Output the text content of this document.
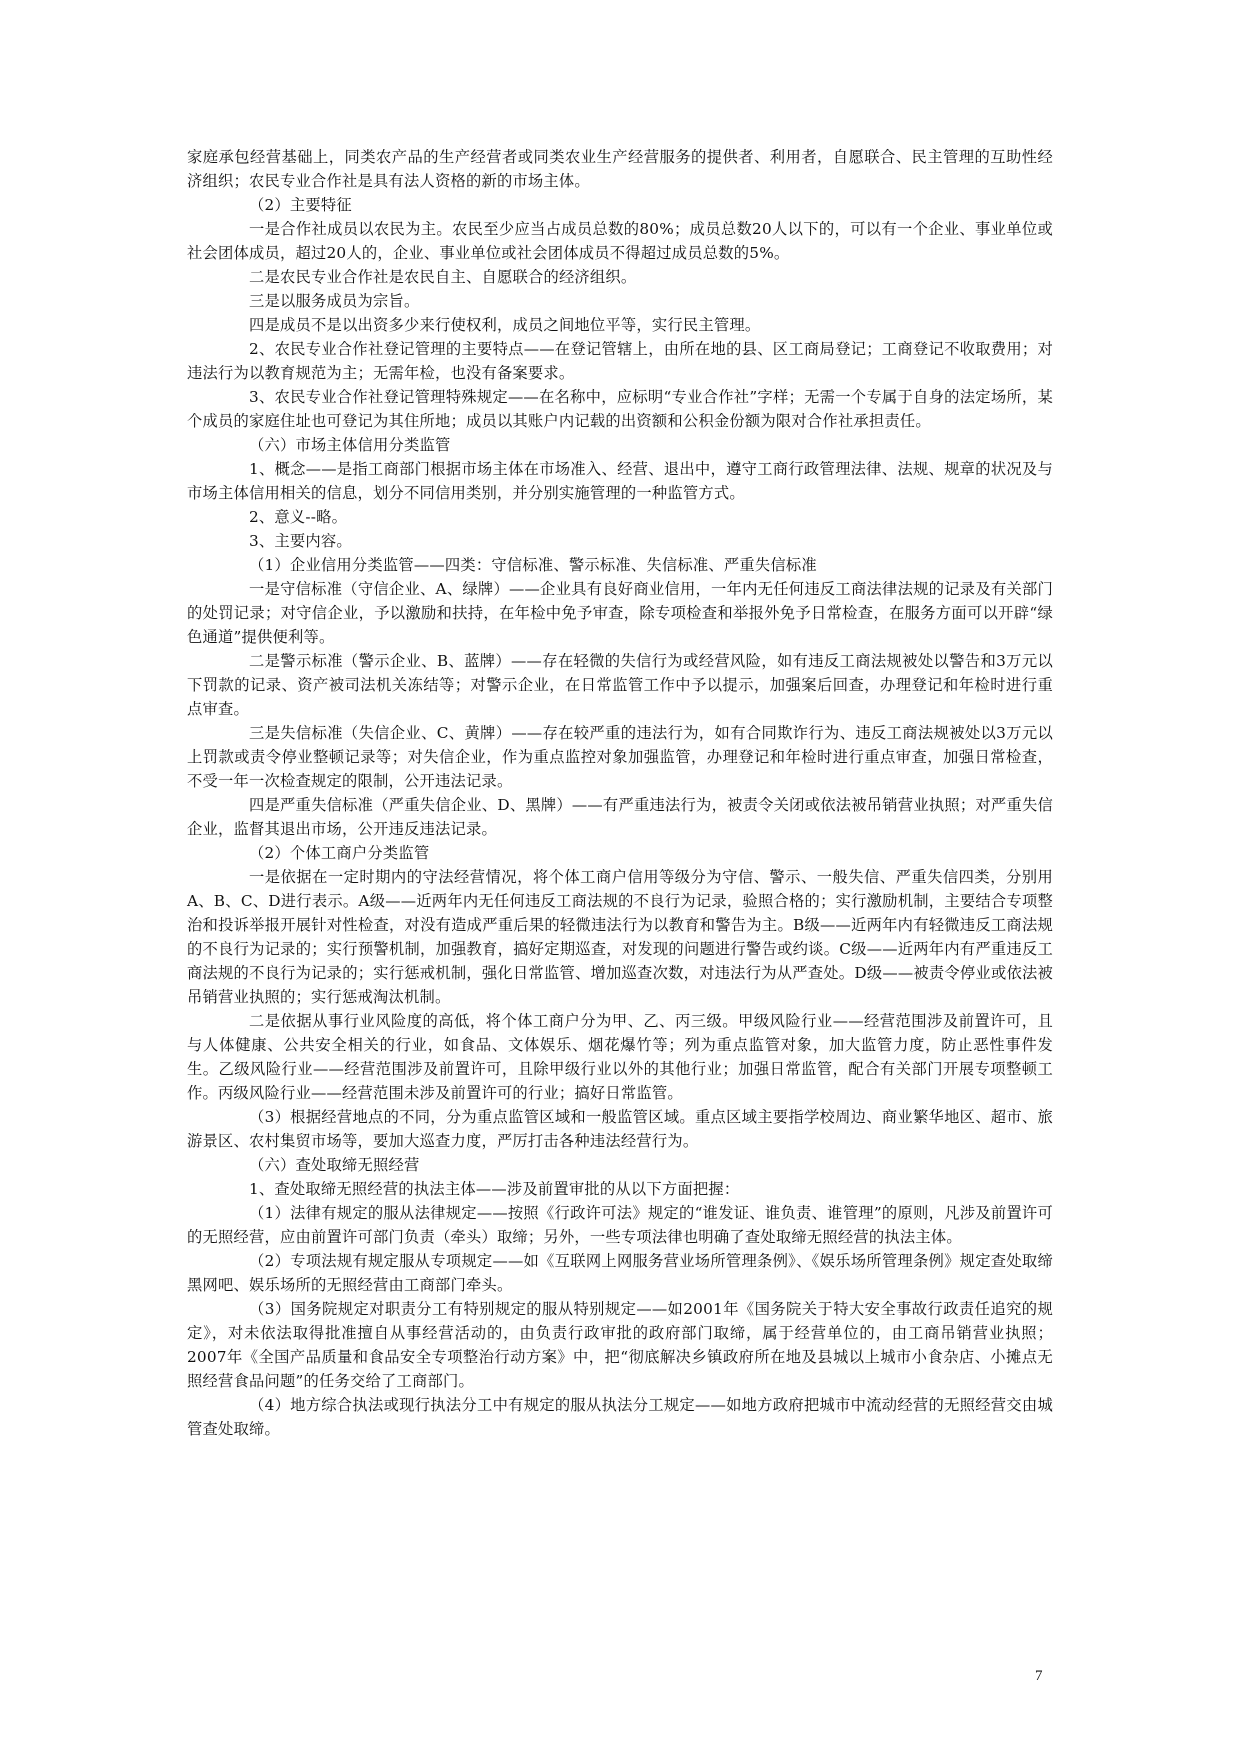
家庭承包经营基础上，同类农产品的生产经营者或同类农业生产经营服务的提供者、利用者，自愿联合、民主管理的互助性经济组织；农民专业合作社是具有法人资格的新的市场主体。

（2）主要特征

一是合作社成员以农民为主。农民至少应当占成员总数的80%；成员总数20人以下的，可以有一个企业、事业单位或社会团体成员，超过20人的，企业、事业单位或社会团体成员不得超过成员总数的5%。

二是农民专业合作社是农民自主、自愿联合的经济组织。

三是以服务成员为宗旨。

四是成员不是以出资多少来行使权利，成员之间地位平等，实行民主管理。

2、农民专业合作社登记管理的主要特点——在登记管辖上，由所在地的县、区工商局登记；工商登记不收取费用；对违法行为以教育规范为主；无需年检，也没有备案要求。

3、农民专业合作社登记管理特殊规定——在名称中，应标明“专业合作社”字样；无需一个专属于自身的法定场所，某个成员的家庭住址也可登记为其住所地；成员以其账户内记载的出资额和公积金份额为限对合作社承担责任。

（六）市场主体信用分类监管

1、概念——是指工商部门根据市场主体在市场准入、经营、退出中，遵守工商行政管理法律、法规、规章的状况及与市场主体信用相关的信息，划分不同信用类别，并分别实施管理的一种监管方式。

2、意义--略。

3、主要内容。

（1）企业信用分类监管——四类：守信标准、警示标准、失信标准、严重失信标准

一是守信标准（守信企业、A、绿牌）——企业具有良好商业信用，一年内无任何违反工商法律法规的记录及有关部门的处罚记录；对守信企业，予以激励和扶持，在年检中免予审查，除专项检查和举报外免予日常检查，在服务方面可以开辟“绿色通道”提供便利等。

二是警示标准（警示企业、B、蓝牌）——存在轻微的失信行为或经营风险，如有违反工商法规被处以警告和3万元以下罚款的记录、资产被司法机关冻结等；对警示企业，在日常监管工作中予以提示，加强案后回查，办理登记和年检时进行重点审查。

三是失信标准（失信企业、C、黄牌）——存在较严重的违法行为，如有合同欺诈行为、违反工商法规被处以3万元以上罚款或责令停业整顿记录等；对失信企业，作为重点监控对象加强监管，办理登记和年检时进行重点审查，加强日常检查，不受一年一次检查规定的限制，公开违法记录。

四是严重失信标准（严重失信企业、D、黑牌）——有严重违法行为，被责令关闭或依法被吊销营业执照；对严重失信企业，监督其退出市场，公开违反违法记录。

（2）个体工商户分类监管

一是依据在一定时期内的守法经营情况，将个体工商户信用等级分为守信、警示、一般失信、严重失信四类，分别用A、B、C、D进行表示。A级——近两年内无任何违反工商法规的不良行为记录，验照合格的；实行激励机制，主要结合专项整治和投诉举报开展针对性检查，对没有造成严重后果的轻微违法行为以教育和警告为主。B级——近两年内有轻微违反工商法规的不良行为记录的；实行预警机制，加强教育，搞好定期巡查，对发现的问题进行警告或约谈。C级——近两年内有严重违反工商法规的不良行为记录的；实行惩戒机制，强化日常监管、增加巡查次数，对违法行为从严查处。D级——被责令停业或依法被吊销营业执照的；实行惩戒淘汰机制。

二是依据从事行业风险度的高低，将个体工商户分为甲、乙、丙三级。甲级风险行业——经营范围涉及前置许可，且与人体健康、公共安全相关的行业，如食品、文体娱乐、烟花爆竹等；列为重点监管对象，加大监管力度，防止恶性事件发生。乙级风险行业——经营范围涉及前置许可，且除甲级行业以外的其他行业；加强日常监管，配合有关部门开展专项整顿工作。丙级风险行业——经营范围未涉及前置许可的行业；搞好日常监管。

（3）根据经营地点的不同，分为重点监管区域和一般监管区域。重点区域主要指学校周边、商业繁华地区、超市、旅游景区、农村集贸市场等，要加大巡查力度，严厉打击各种违法经营行为。

（六）查处取缔无照经营

1、查处取缔无照经营的执法主体——涉及前置审批的从以下方面把握：

（1）法律有规定的服从法律规定——按照《行政许可法》规定的“谁发证、谁负责、谁管理”的原则，凡涉及前置许可的无照经营，应由前置许可部门负责（牵头）取缔；另外，一些专项法律也明确了查处取缔无照经营的执法主体。

（2）专项法规有规定服从专项规定——如《互联网上网服务营业场所管理条例》、《娱乐场所管理条例》规定查处取缔黑网吧、娱乐场所的无照经营由工商部门牵头。

（3）国务院规定对职责分工有特别规定的服从特别规定——如2001年《国务院关于特大安全事故行政责任追究的规定》，对未依法取得批准擅自从事经营活动的，由负责行政审批的政府部门取缔，属于经营单位的，由工商吊销营业执照；2007年《全国产品质量和食品安全专项整治行动方案》中，把“彻底解决乡镇政府所在地及县城以上城市小食杂店、小摊点无照经营食品问题”的任务交给了工商部门。

（4）地方综合执法或现行执法分工中有规定的服从执法分工规定——如地方政府把城市中流动经营的无照经营交由城管查处取缔。

7
